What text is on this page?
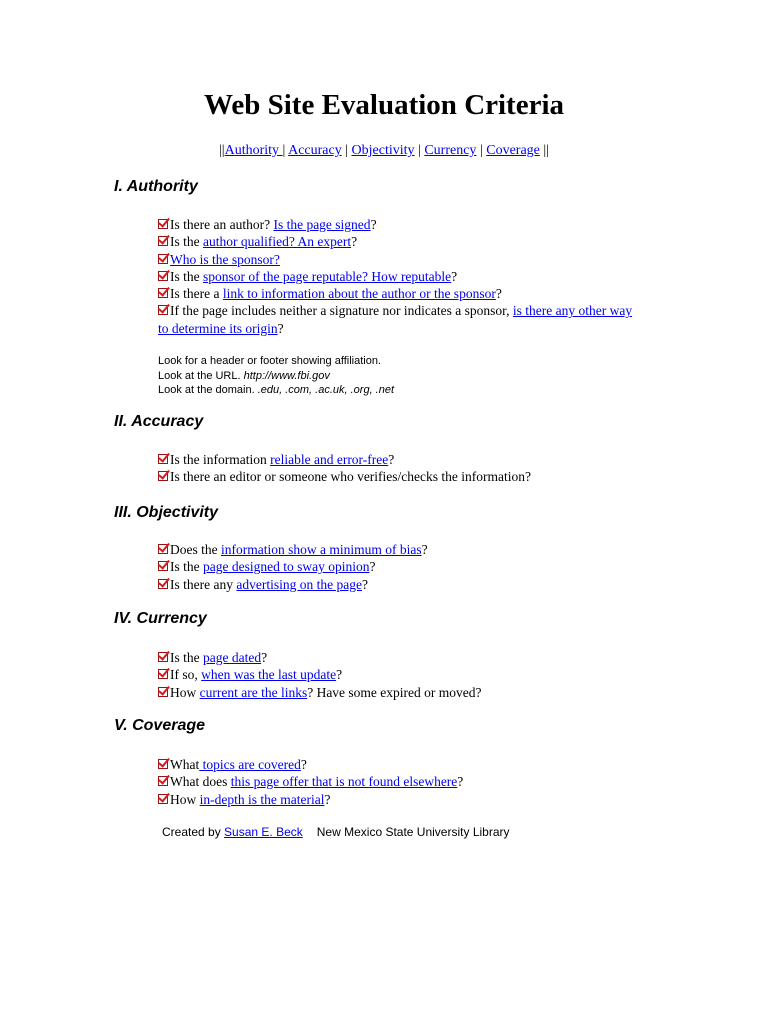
Web Site Evaluation Criteria
||Authority | Accuracy | Objectivity | Currency | Coverage ||
I. Authority
Is there an author? Is the page signed?
Is the author qualified? An expert?
Who is the sponsor?
Is the sponsor of the page reputable? How reputable?
Is there a link to information about the author or the sponsor?
If the page includes neither a signature nor indicates a sponsor, is there any other way to determine its origin?
Look for a header or footer showing affiliation.
Look at the URL. http://www.fbi.gov
Look at the domain. .edu, .com, .ac.uk, .org, .net
II. Accuracy
Is the information reliable and error-free?
Is there an editor or someone who verifies/checks the information?
III. Objectivity
Does the information show a minimum of bias?
Is the page designed to sway opinion?
Is there any advertising on the page?
IV. Currency
Is the page dated?
If so, when was the last update?
How current are the links? Have some expired or moved?
V. Coverage
What topics are covered?
What does this page offer that is not found elsewhere?
How in-depth is the material?
Created by Susan E. Beck New Mexico State University Library
